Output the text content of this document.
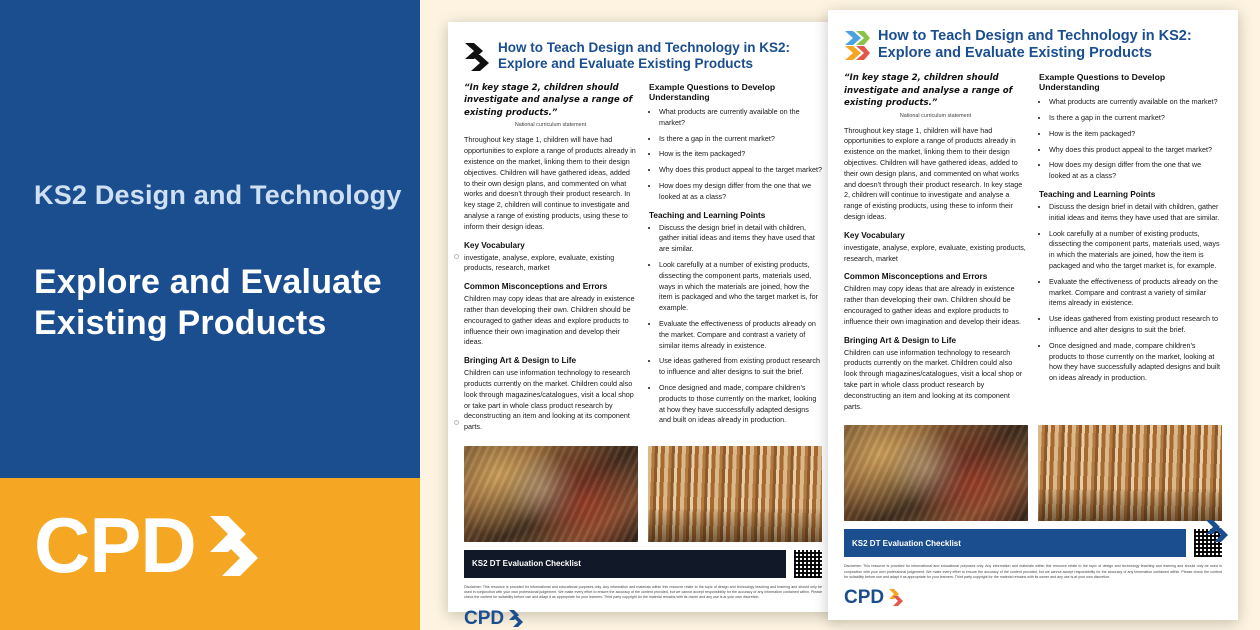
KS2 Design and Technology
Explore and Evaluate Existing Products
CPD
How to Teach Design and Technology in KS2: Explore and Evaluate Existing Products
“In key stage 2, children should investigate and analyse a range of existing products.”
National curriculum statement

Throughout key stage 1, children will have had opportunities to explore a range of products already in existence on the market, linking them to their design objectives. Children will have gathered ideas, added to their own design plans, and commented on what works and doesn’t through their product research. In key stage 2, children will continue to investigate and analyse a range of existing products, using these to inform their design ideas.

Key Vocabulary

investigate, analyse, explore, evaluate, existing products, research, market

Common Misconceptions and Errors

Children may copy ideas that are already in existence rather than developing their own. Children should be encouraged to gather ideas and explore products to influence their own imagination and develop their ideas.

Bringing Art & Design to Life

Children can use information technology to research products currently on the market. Children could also look through magazines/catalogues, visit a local shop or take part in whole class product research by deconstructing an item and looking at its component parts.

Example Questions to Develop Understanding
• What products are currently available on the market?
• Is there a gap in the current market?
• How is the item packaged?
• Why does this product appeal to the target market?
• How does my design differ from the one that we looked at as a class?
Teaching and Learning Points
• Discuss the design brief in detail with children, gather initial ideas and items they have used that are similar.
• Look carefully at a number of existing products, dissecting the component parts, materials used, ways in which the materials are joined, how the item is packaged and who the target market is, for example.
• Evaluate the effectiveness of products already on the market. Compare and contrast a variety of similar items already in existence.
• Use ideas gathered from existing product research to influence and alter designs to suit the brief.
• Once designed and made, compare children’s products to those currently on the market, looking at how they have successfully adapted designs and built on ideas already in production.
KS2 DT Evaluation Checklist
Disclaimer: This resource is provided for informational and educational purposes only. Any information and materials within this resource relate to the topic of design and technology teaching and learning and should only be used in conjunction with your own professional judgement. We make every effort to ensure the accuracy of the content provided, but we cannot accept responsibility for the accuracy of any information contained within. Please check the content for suitability before use and adapt it as appropriate for your learners. Third party copyright for the material remains with its owner and any use is at your own discretion.
CPD
How to Teach Design and Technology in KS2: Explore and Evaluate Existing Products
“In key stage 2, children should investigate and analyse a range of existing products.”
National curriculum statement

Throughout key stage 1, children will have had opportunities to explore a range of products already in existence on the market, linking them to their design objectives. Children will have gathered ideas, added to their own design plans, and commented on what works and doesn’t through their product research. In key stage 2, children will continue to investigate and analyse a range of existing products, using these to inform their design ideas.

Key Vocabulary

investigate, analyse, explore, evaluate, existing products, research, market

Common Misconceptions and Errors

Children may copy ideas that are already in existence rather than developing their own. Children should be encouraged to gather ideas and explore products to influence their own imagination and develop their ideas.

Bringing Art & Design to Life

Children can use information technology to research products currently on the market. Children could also look through magazines/catalogues, visit a local shop or take part in whole class product research by deconstructing an item and looking at its component parts.

Example Questions to Develop Understanding
• What products are currently available on the market?
• Is there a gap in the current market?
• How is the item packaged?
• Why does this product appeal to the target market?
• How does my design differ from the one that we looked at as a class?
Teaching and Learning Points
• Discuss the design brief in detail with children, gather initial ideas and items they have used that are similar.
• Look carefully at a number of existing products, dissecting the component parts, materials used, ways in which the materials are joined, how the item is packaged and who the target market is, for example.
• Evaluate the effectiveness of products already on the market. Compare and contrast a variety of similar items already in existence.
• Use ideas gathered from existing product research to influence and alter designs to suit the brief.
• Once designed and made, compare children’s products to those currently on the market, looking at how they have successfully adapted designs and built on ideas already in production.
KS2 DT Evaluation Checklist
Disclaimer: This resource is provided for informational and educational purposes only. Any information and materials within this resource relate to the topic of design and technology teaching and learning and should only be used in conjunction with your own professional judgement. We make every effort to ensure the accuracy of the content provided, but we cannot accept responsibility for the accuracy of any information contained within. Please check the content for suitability before use and adapt it as appropriate for your learners. Third party copyright for the material remains with its owner and any use is at your own discretion.
CPD
